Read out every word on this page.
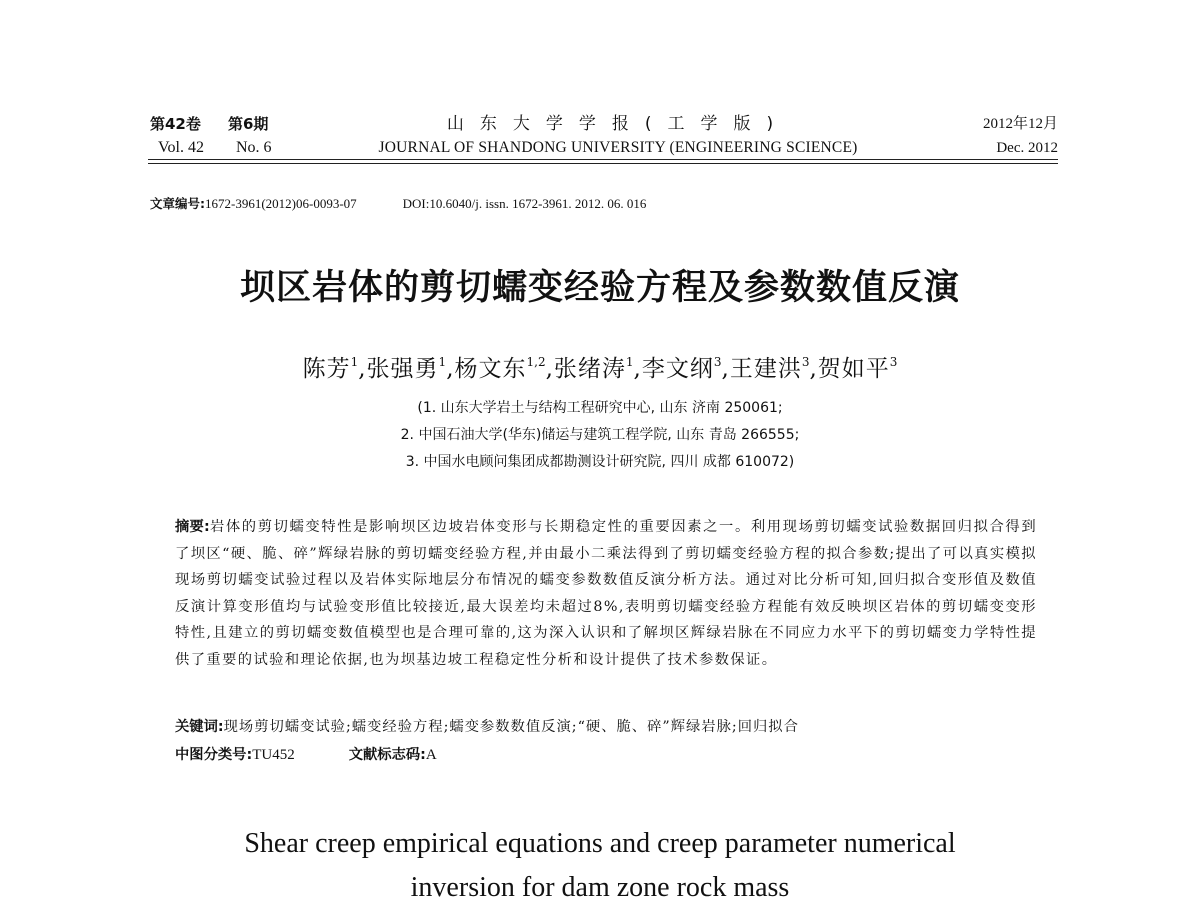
第42卷 第6期
Vol. 42 No. 6
山东大学学报(工学版)
JOURNAL OF SHANDONG UNIVERSITY (ENGINEERING SCIENCE)
2012年12月
Dec. 2012
文章编号:1672-3961(2012)06-0093-07	DOI:10.6040/j. issn. 1672-3961. 2012. 06. 016
坝区岩体的剪切蠕变经验方程及参数数值反演
陈芳$^1$,张强勇$^1$,杨文东$^{1,2}$,张绪涛$^1$,李文纲$^3$,王建洪$^3$,贺如平$^3$
(1. 山东大学岩土与结构工程研究中心, 山东 济南 250061;
2. 中国石油大学(华东)储运与建筑工程学院, 山东 青岛 266555;
3. 中国水电顾问集团成都勘测设计研究院, 四川 成都 610072)
摘要:岩体的剪切蠕变特性是影响坝区边坡岩体变形与长期稳定性的重要因素之一。利用现场剪切蠕变试验数据回归拟合得到了坝区“硬、脆、碎”辉绿岩脉的剪切蠕变经验方程,并由最小二乘法得到了剪切蠕变经验方程的拟合参数;提出了可以真实模拟现场剪切蠕变试验过程以及岩体实际地层分布情况的蠕变参数数值反演分析方法。通过对比分析可知,回归拟合变形值及数值反演计算变形值均与试验变形值比较接近,最大误差均未超过8%,表明剪切蠕变经验方程能有效反映坝区岩体的剪切蠕变变形特性,且建立的剪切蠕变数值模型也是合理可靠的,这为深入认识和了解坝区辉绿岩脉在不同应力水平下的剪切蠕变力学特性提供了重要的试验和理论依据,也为坝基边坡工程稳定性分析和设计提供了技术参数保证。
关键词:现场剪切蠕变试验;蠕变经验方程;蠕变参数数值反演;“硬、脆、碎”辉绿岩脉;回归拟合
中图分类号:TU452	文献标志码:A
Shear creep empirical equations and creep parameter numerical
inversion for dam zone rock mass
